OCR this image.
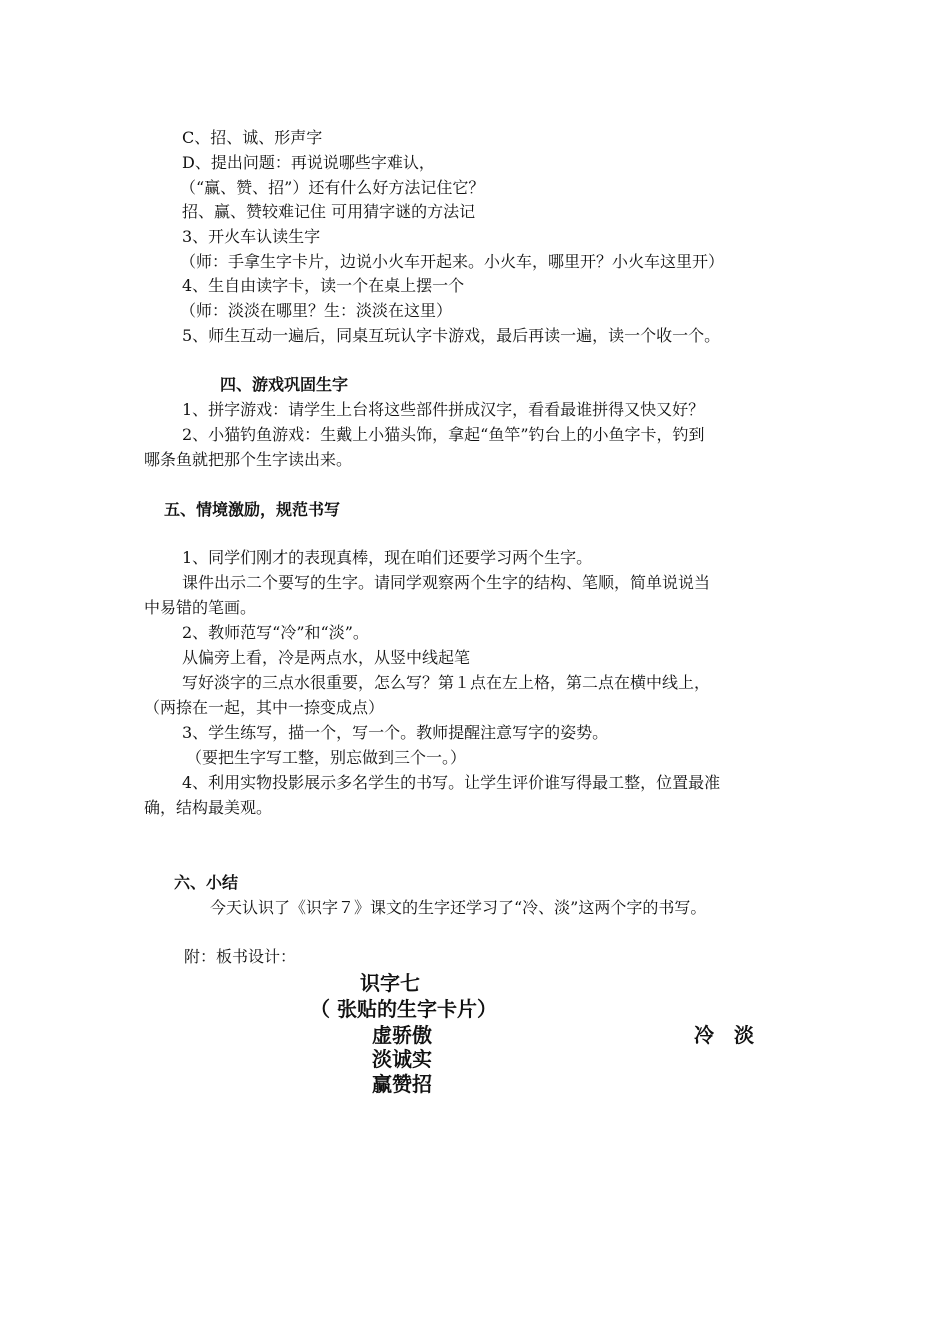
C、招、诚、形声字
D、提出问题：再说说哪些字难认，
（“赢、赞、招”）还有什么好方法记住它？
招、赢、赞较难记住 可用猜字谜的方法记
3、开火车认读生字
（师：手拿生字卡片，边说小火车开起来。小火车，哪里开？小火车这里开）
4、生自由读字卡，读一个在桌上摆一个
（师：淡淡在哪里？生：淡淡在这里）
5、师生互动一遍后，同桌互玩认字卡游戏，最后再读一遍，读一个收一个。
四、游戏巩固生字
1、拼字游戏：请学生上台将这些部件拼成汉字，看看最谁拼得又快又好？
2、小猫钓鱼游戏：生戴上小猫头饰，拿起“鱼竿”钓台上的小鱼字卡，钓到
哪条鱼就把那个生字读出来。
五、情境激励，规范书写
1、同学们刚才的表现真棒，现在咱们还要学习两个生字。
课件出示二个要写的生字。请同学观察两个生字的结构、笔顺，简单说说当
中易错的笔画。
2、教师范写“冷”和“淡”。
从偏旁上看，冷是两点水，从竖中线起笔
写好淡字的三点水很重要，怎么写？第１点在左上格，第二点在横中线上，
（两捺在一起，其中一捺变成点）
3、学生练写，描一个，写一个。教师提醒注意写字的姿势。
（要把生字写工整，别忘做到三个一。）
4、利用实物投影展示多名学生的书写。让学生评价谁写得最工整，位置最准
确，结构最美观。
六、小结
今天认识了《识字７》课文的生字还学习了“冷、淡”这两个字的书写。
附：板书设计：
识字七
（ 张贴的生字卡片）
虚骄傲	冷　淡
淡诚实
赢赞招
